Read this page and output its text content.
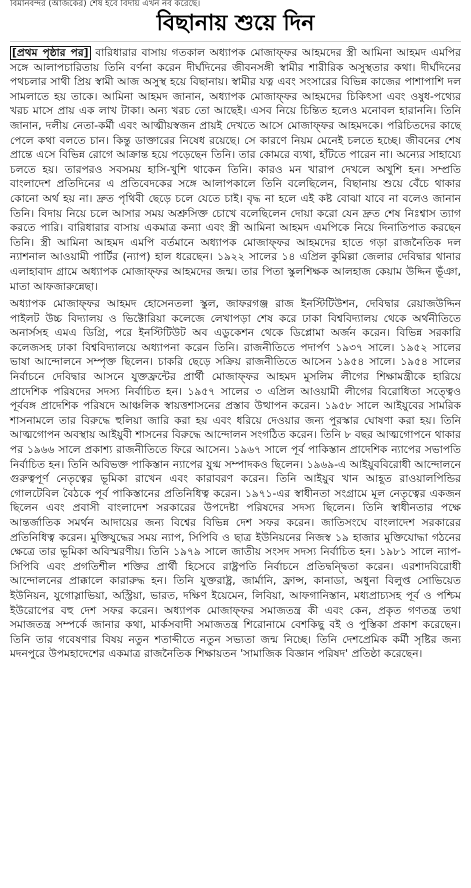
বিমানবন্দর (আজকের) শেষ হবে বিদায় এখন নব করেছে।
বিছানায় শুয়ে দিন

[প্রথম পৃষ্ঠার পর] বারিধারার বাসায় গতকাল অধ্যাপক মোজাফ্ফর আহমদের স্ত্রী আমিনা আহমদ এমপির সঙ্গে আলাপচারিতায় তিনি বর্ণনা করেন দীর্ঘদিনের জীবনসঙ্গী স্বামীর শারীরিক অসুস্থতার কথা। দীর্ঘদিনের পথচলার সাথী প্রিয় স্বামী আজ অসুস্থ হয়ে বিছানায়। স্বামীর যত্ন এবং সংসারের বিভিন্ন কাজের পাশাপাশি দল সামলাতে হয় তাকে। আমিনা আহমদ জানান, অধ্যাপক মোজাফ্ফর আহমদের চিকিৎসা এবং ওষুধ-পথ্যের খরচ মাসে প্রায় এক লাখ টাকা। অন্য খরচ তো আছেই। এসব নিয়ে চিন্তিত হলেও মনোবল হারাননি। তিনি জানান, দলীয় নেতা-কর্মী এবং আত্মীয়স্বজন প্রায়ই দেখতে আসে মোজাফ্ফর আহমদকে। পরিচিতদের কাছে পেলে কথা বলতে চান। কিন্তু ডাক্তারের নিষেধ রয়েছে। সে কারণে নিয়ম মেনেই চলতে হচ্ছে। জীবনের শেষ প্রান্তে এসে বিভিন্ন রোগে আক্রান্ত হয়ে পড়েছেন তিনি। তার কোমরে ব্যথা, হাঁটতে পারেন না। অন্যের সাহায্যে চলতে হয়। তারপরও সবসময় হাসি-খুশি থাকেন তিনি। কারও মন খারাপ দেখলে অখুশি হন। সম্প্রতি বাংলাদেশ প্রতিদিনের এ প্রতিবেদকের সঙ্গে আলাপকালে তিনি বলেছিলেন, বিছানায় শুয়ে বেঁচে থাকার কোনো অর্থ হয় না। দ্রুত পৃথিবী ছেড়ে চলে যেতে চাই। বৃদ্ধ না হলে এই কষ্ট বোঝা যাবে না বলেও জানান তিনি। বিদায় নিয়ে চলে আসার সময় অশ্রুসিক্ত চোখে বলেছিলেন দোয়া করো যেন দ্রুত শেষ নিঃশ্বাস ত্যাগ করতে পারি। বারিধারার বাসায় একমাত্র কন্যা এবং স্ত্রী আমিনা আহমদ এমপিকে নিয়ে দিনাতিপাত করছেন তিনি। স্ত্রী আমিনা আহমদ এমপি বর্তমানে অধ্যাপক মোজাফ্ফর আহমদের হাতে গড়া রাজনৈতিক দল ন্যাশনাল আওয়ামী পার্টির (ন্যাপ) হাল ধরেছেন। ১৯২২ সালের ১৪ এপ্রিল কুমিল্লা জেলার দেবিদ্বার থানার এলাহাবাদ গ্রামে অধ্যাপক মোজাফ্ফর আহমদের জন্ম। তার পিতা স্কুলশিক্ষক আলহাজ কেয়াম উদ্দিন ভূঁঞা, মাতা আফজারুন্নেছা।

অধ্যাপক মোজাফ্ফর আহমদ হোসেনতলা স্কুল, জাফরগঞ্জ রাজ ইনস্টিটিউশন, দেবিদ্বার রেয়াজউদ্দিন পাইলট উচ্চ বিদ্যালয় ও ভিক্টোরিয়া কলেজে লেখাপড়া শেষ করে ঢাকা বিশ্ববিদ্যালয় থেকে অর্থনীতিতে অনার্সসহ এমএ ডিগ্রি, পরে ইনস্টিটিউট অব এডুকেশন থেকে ডিপ্লোমা অর্জন করেন। বিভিন্ন সরকারি কলেজসহ ঢাকা বিশ্ববিদ্যালয়ে অধ্যাপনা করেন তিনি। রাজনীতিতে পদার্পণ ১৯৩৭ সালে। ১৯৫২ সালের ভাষা আন্দোলনে সম্পৃক্ত ছিলেন। চাকরি ছেড়ে সক্রিয় রাজনীতিতে আসেন ১৯৫৪ সালে। ১৯৫৪ সালের নির্বাচনে দেবিদ্বার আসনে যুক্তফ্রন্টের প্রার্থী মোজাফ্ফর আহমদ মুসলিম লীগের শিক্ষামন্ত্রীকে হারিয়ে প্রাদেশিক পরিষদের সদস্য নির্বাচিত হন। ১৯৫৭ সালের ৩ এপ্রিল আওয়ামী লীগের বিরোধিতা সত্ত্বেও পূর্ববঙ্গ প্রাদেশিক পরিষদে আঞ্চলিক স্বায়ত্তশাসনের প্রস্তাব উত্থাপন করেন। ১৯৫৮ সালে আইয়ুবের সামরিক শাসনামলে তার বিরুদ্ধে হুলিয়া জারি করা হয় এবং ধরিয়ে দেওয়ার জন্য পুরস্কার ঘোষণা করা হয়। তিনি আত্মগোপন অবস্থায় আইয়ুবী শাসনের বিরুদ্ধে আন্দোলন সংগঠিত করেন। তিনি ৮ বছর আত্মগোপনে থাকার পর ১৯৬৬ সালে প্রকাশ্য রাজনীতিতে ফিরে আসেন। ১৯৬৭ সালে পূর্ব পাকিস্তান প্রাদেশিক ন্যাপের সভাপতি নির্বাচিত হন। তিনি অবিভক্ত পাকিস্তান ন্যাপের যুগ্ম সম্পাদকও ছিলেন। ১৯৬৯-এ আইয়ুববিরোধী আন্দোলনে গুরুত্বপূর্ণ নেতৃত্বের ভূমিকা রাখেন এবং কারাবরণ করেন। তিনি আইয়ুব খান আহূত রাওয়ালপিন্ডির গোলটেবিল বৈঠকে পূর্ব পাকিস্তানের প্রতিনিধিত্ব করেন। ১৯৭১-এর স্বাধীনতা সংগ্রামে মূল নেতৃত্বের একজন ছিলেন এবং প্রবাসী বাংলাদেশ সরকারের উপদেষ্টা পরিষদের সদস্য ছিলেন। তিনি স্বাধীনতার পক্ষে আন্তর্জাতিক সমর্থন আদায়ের জন্য বিশ্বের বিভিন্ন দেশ সফর করেন। জাতিসংঘে বাংলাদেশ সরকারের প্রতিনিধিত্ব করেন। মুক্তিযুদ্ধের সময় ন্যাপ, সিপিবি ও ছাত্র ইউনিয়নের নিজস্ব ১৯ হাজার মুক্তিযোদ্ধা গঠনের ক্ষেত্রে তার ভূমিকা অবিস্মরণীয়। তিনি ১৯৭৯ সালে জাতীয় সংসদ সদস্য নির্বাচিত হন। ১৯৮১ সালে ন্যাপ-সিপিবি এবং প্রগতিশীল শক্তির প্রার্থী হিসেবে রাষ্ট্রপতি নির্বাচনে প্রতিদ্বন্দ্বিতা করেন। এরশাদবিরোধী আন্দোলনের প্রাক্কালে কারারুদ্ধ হন। তিনি যুক্তরাষ্ট্র, জার্মানি, ফ্রান্স, কানাডা, অধুনা বিলুপ্ত সোভিয়েত ইউনিয়ন, যুগোস্লাভিয়া, অস্ট্রিয়া, ভারত, দক্ষিণ ইয়েমেন, লিবিয়া, আফগানিস্তান, মধ্যপ্রাচ্যসহ পূর্ব ও পশ্চিম ইউরোপের বহু দেশ সফর করেন। অধ্যাপক মোজাফ্ফর সমাজতন্ত্র কী এবং কেন, প্রকৃত গণতন্ত্র তথা সমাজতন্ত্র সম্পর্কে জানার কথা, মার্কসবাদী সমাজতন্ত্র শিরোনামে বেশকিছু বই ও পুস্তিকা প্রকাশ করেছেন। তিনি তার গবেষণার বিষয় নতুন শতাব্দীতে নতুন সভ্যতা জন্ম নিচ্ছে। তিনি দেশপ্রেমিক কর্মী সৃষ্টির জন্য মদনপুরে উপমহাদেশের একমাত্র রাজনৈতিক শিক্ষায়তন 'সামাজিক বিজ্ঞান পরিষদ' প্রতিষ্ঠা করেছেন।
